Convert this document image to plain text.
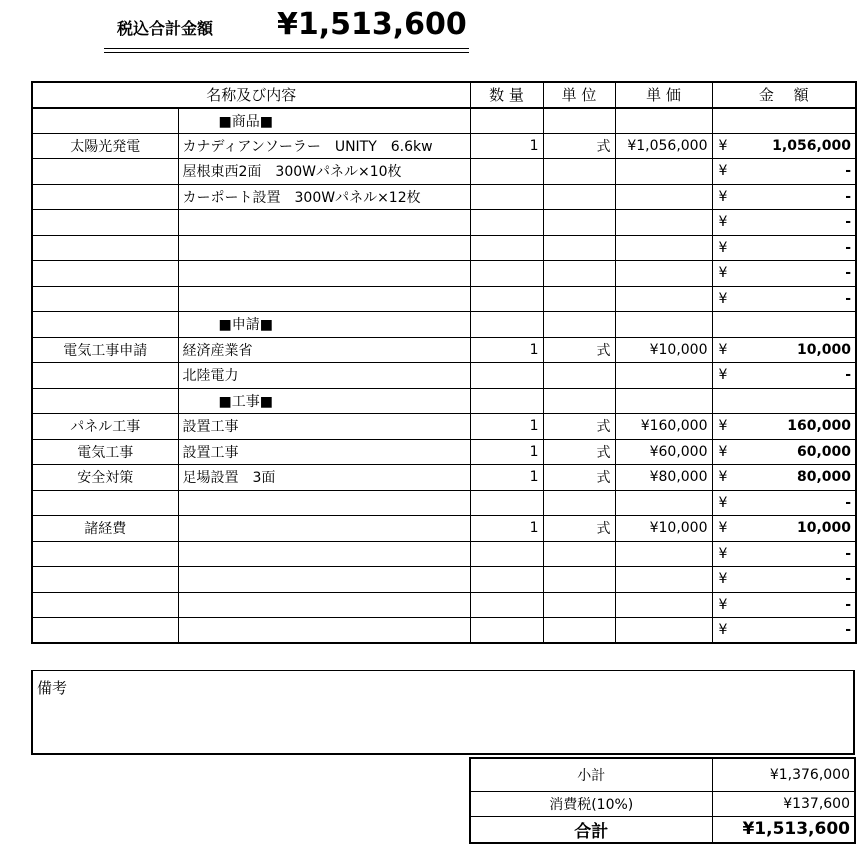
税込合計金額 ¥1,513,600
名称及び内容		数 量	単 位	単 価	金　 額	
	■商品■					
太陽光発電	カナディアンソーラー　UNITY　6.6kw	1	式	¥1,056,000	¥	1,056,000
	屋根東西2面　300Wパネル×10枚				¥	-
	カーポート設置　300Wパネル×12枚				¥	-
					¥	-
					¥	-
					¥	-
					¥	-
	■申請■					
電気工事申請	経済産業省	1	式	¥10,000	¥	10,000
	北陸電力				¥	-
	■工事■					
パネル工事	設置工事	1	式	¥160,000	¥	160,000
電気工事	設置工事	1	式	¥60,000	¥	60,000
安全対策	足場設置　3面	1	式	¥80,000	¥	80,000
					¥	-
諸経費		1	式	¥10,000	¥	10,000
					¥	-
					¥	-
					¥	-
					¥	-
備考
小計	¥1,376,000
消費税(10%)	¥137,600
合計	¥1,513,600
